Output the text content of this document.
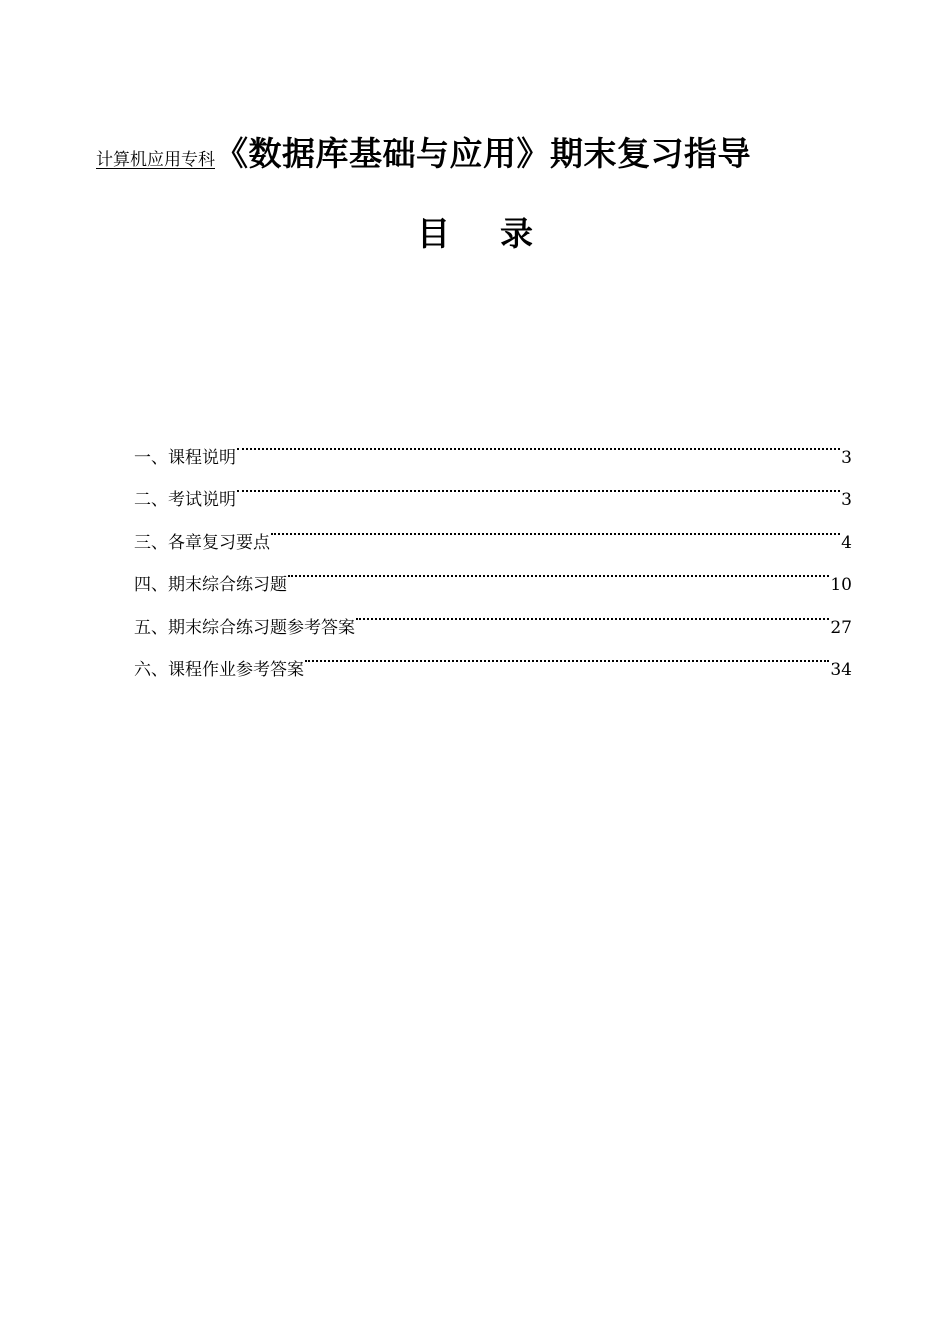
计算机应用专科《数据库基础与应用》期末复习指导
目 录
一、课程说明	3
二、考试说明	3
三、各章复习要点	4
四、期末综合练习题	10
五、期末综合练习题参考答案	27
六、课程作业参考答案	34
